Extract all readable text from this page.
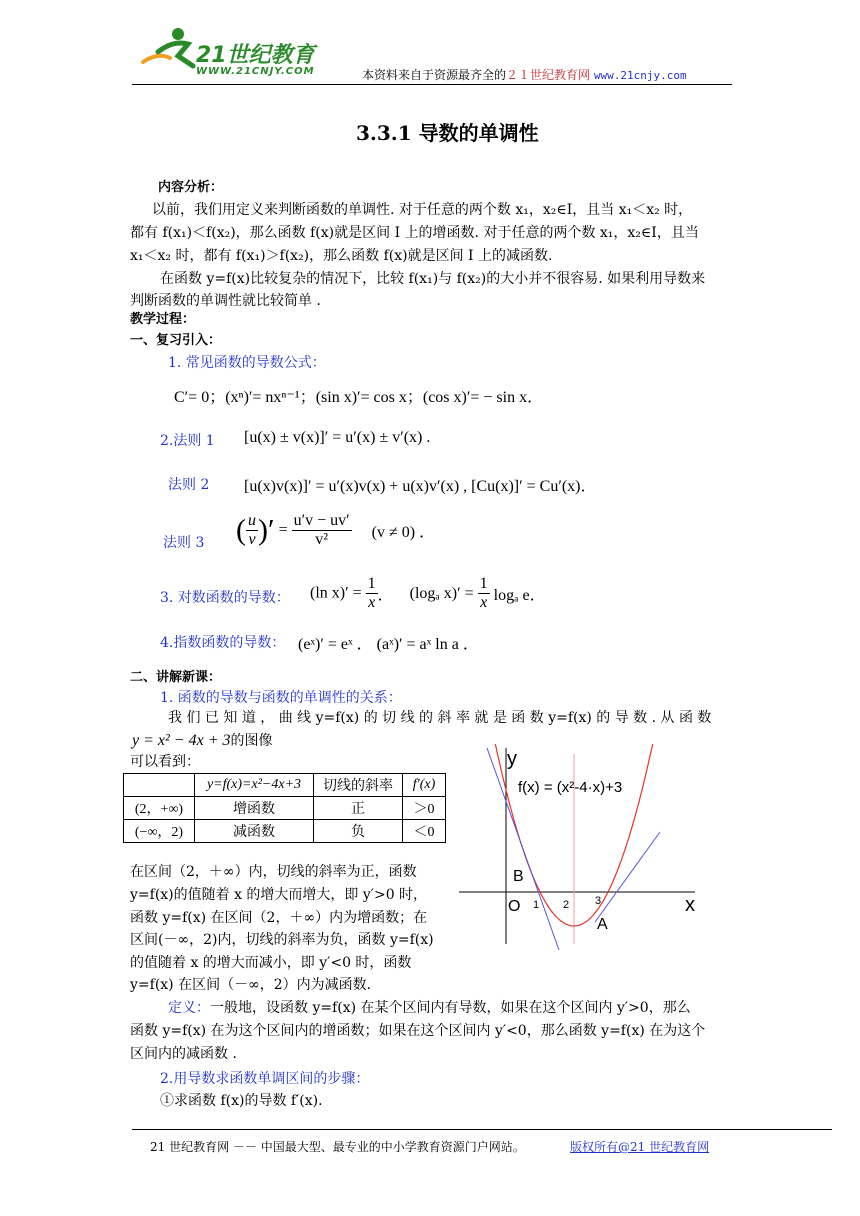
21世纪教育
WWW.21CNJY.COM	本资料来自于资源最齐全的２１世纪教育网 www.21cnjy.com
3.3.1 导数的单调性
内容分析：
以前，我们用定义来判断函数的单调性. 对于任意的两个数 x₁，x₂∈I，且当 x₁＜x₂ 时，
都有 f(x₁)＜f(x₂)，那么函数 f(x)就是区间 I 上的增函数. 对于任意的两个数 x₁，x₂∈I，且当
x₁＜x₂ 时，都有 f(x₁)＞f(x₂)，那么函数 f(x)就是区间 I 上的减函数.
在函数 y=f(x)比较复杂的情况下，比较 f(x₁)与 f(x₂)的大小并不很容易. 如果利用导数来
判断函数的单调性就比较简单 ．
教学过程：
一、复习引入：
1. 常见函数的导数公式：
C′= 0；(xⁿ)′= nxⁿ⁻¹；(sin x)′= cos x；(cos x)′= − sin x．
2.法则 1 [u(x) ± v(x)]′ = u′(x) ± v′(x) .
法则 2 [u(x)v(x)]′ = u′(x)v(x) + u(x)v′(x) , [Cu(x)]′ = Cu′(x)．
法则 3 ( $\frac{u}{v}$ )′ = $\frac{u'v - uv'}{\text{v²}} (v \ne 0)$ ．
3. 对数函数的导数： (ln $x)' = \frac{1}{x}$ ． (logₐ $x)' = \frac{1}{x}$ logₐ e．
4.指数函数的导数： (eˣ)′ = eˣ ． (aˣ)′ = aˣ ln a ．
二、讲解新课：
1. 函数的导数与函数的单调性的关系：
我 们 已 知 道 ， 曲 线 y=f(x) 的 切 线 的 斜 率 就 是 函 数 y=f(x) 的 导 数 . 从 函 数
y = x² − 4x + 3的图像
可以看到：
	y=f(x)=x²−4x+3	切线的斜率	f′(x)
(2，+∞)	增函数	正	＞0
(−∞，2)	减函数	负	＜0
在区间（2，＋∞）内，切线的斜率为正，函数
y=f(x)的值随着 x 的增大而增大，即 y′>0 时，
函数 y=f(x) 在区间（2，＋∞）内为增函数；在
区间(－∞，2)内，切线的斜率为负，函数 y=f(x)
的值随着 x 的增大而减小，即 y′<0 时，函数
y=f(x) 在区间（－∞，2）内为减函数.
y
x
f(x) = (x²-4·x)+3
O 1 2 3
B
A
定义：一般地，设函数 y=f(x) 在某个区间内有导数，如果在这个区间内 y′>0，那么
函数 y=f(x) 在为这个区间内的增函数；如果在这个区间内 y′<0，那么函数 y=f(x) 在为这个
区间内的减函数 ．
2.用导数求函数单调区间的步骤：
①求函数 f(x)的导数 f′(x).
21 世纪教育网 －－ 中国最大型、最专业的中小学教育资源门户网站。	版权所有@21 世纪教育网
